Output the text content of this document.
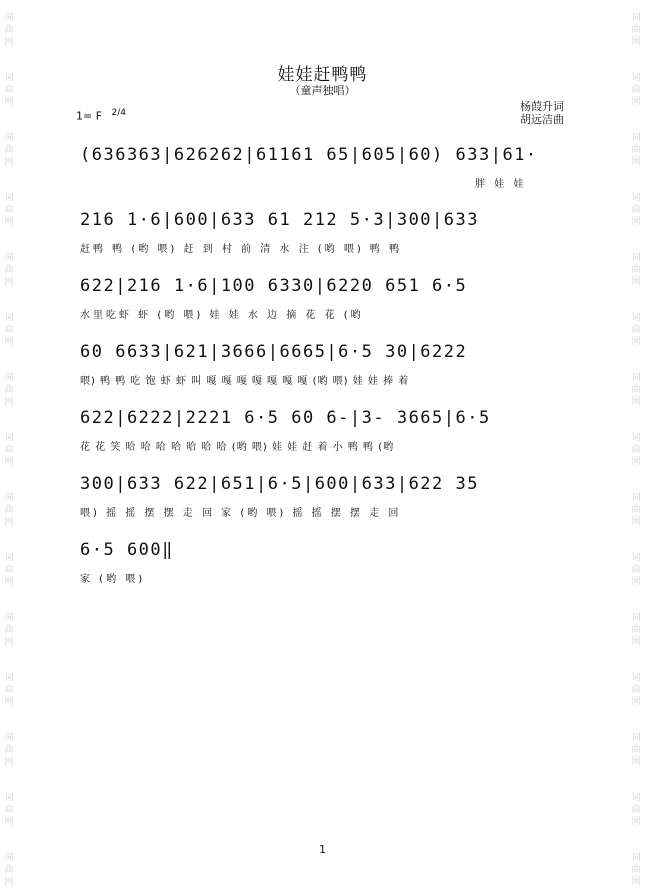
词
曲
网
词
曲
网
词
曲
网
词
曲
网
词
曲
网
词
曲
网
词
曲
网
词
曲
网
词
曲
网
词
曲
网
词
曲
网
词
曲
网
词
曲
网
词
曲
网
词
曲
网
词
曲
网
词
曲
网
词
曲
网
词
曲
网
词
曲
网
词
曲
网
词
曲
网
词
曲
网
词
曲
网
词
曲
网
词
曲
网
词
曲
网
词
曲
网
词
曲
网
词
曲
网
娃娃赶鸭鸭
（童声独唱）
1= F $^{2/4}$	杨葭升词
胡远洁曲
(636363|626262|61161 65|605|60) 633|61·
胖 娃 娃
216 1·6|600|633 61 212 5·3|300|633
赶鸭 鸭 (哟 喂) 赶 到 村 前 清 水 注 (哟 喂) 鸭 鸭
622|216 1·6|100 6330|6220 651 6·5
水里吃虾 虾 (哟 喂) 娃 娃 水 边 摘 花 花 (哟
60 6633|621|3666|6665|6·5 30|6222
喂) 鸭 鸭 吃 饱 虾 虾 叫 嘎 嘎 嘎 嘎 嘎 嘎 嘎 (哟 喂) 娃 娃 捧 着
622|6222|2221 6·5 60 6-|3- 3665|6·5
花 花 笑 哈 哈 哈 哈 哈 哈 哈 (哟 喂) 娃 娃 赶 着 小 鸭 鸭 (哟
300|633 622|651|6·5|600|633|622 35
喂) 摇 摇 摆 摆 走 回 家 (哟 喂) 摇 摇 摆 摆 走 回
6·5 600‖
家 (哟 喂)
1
